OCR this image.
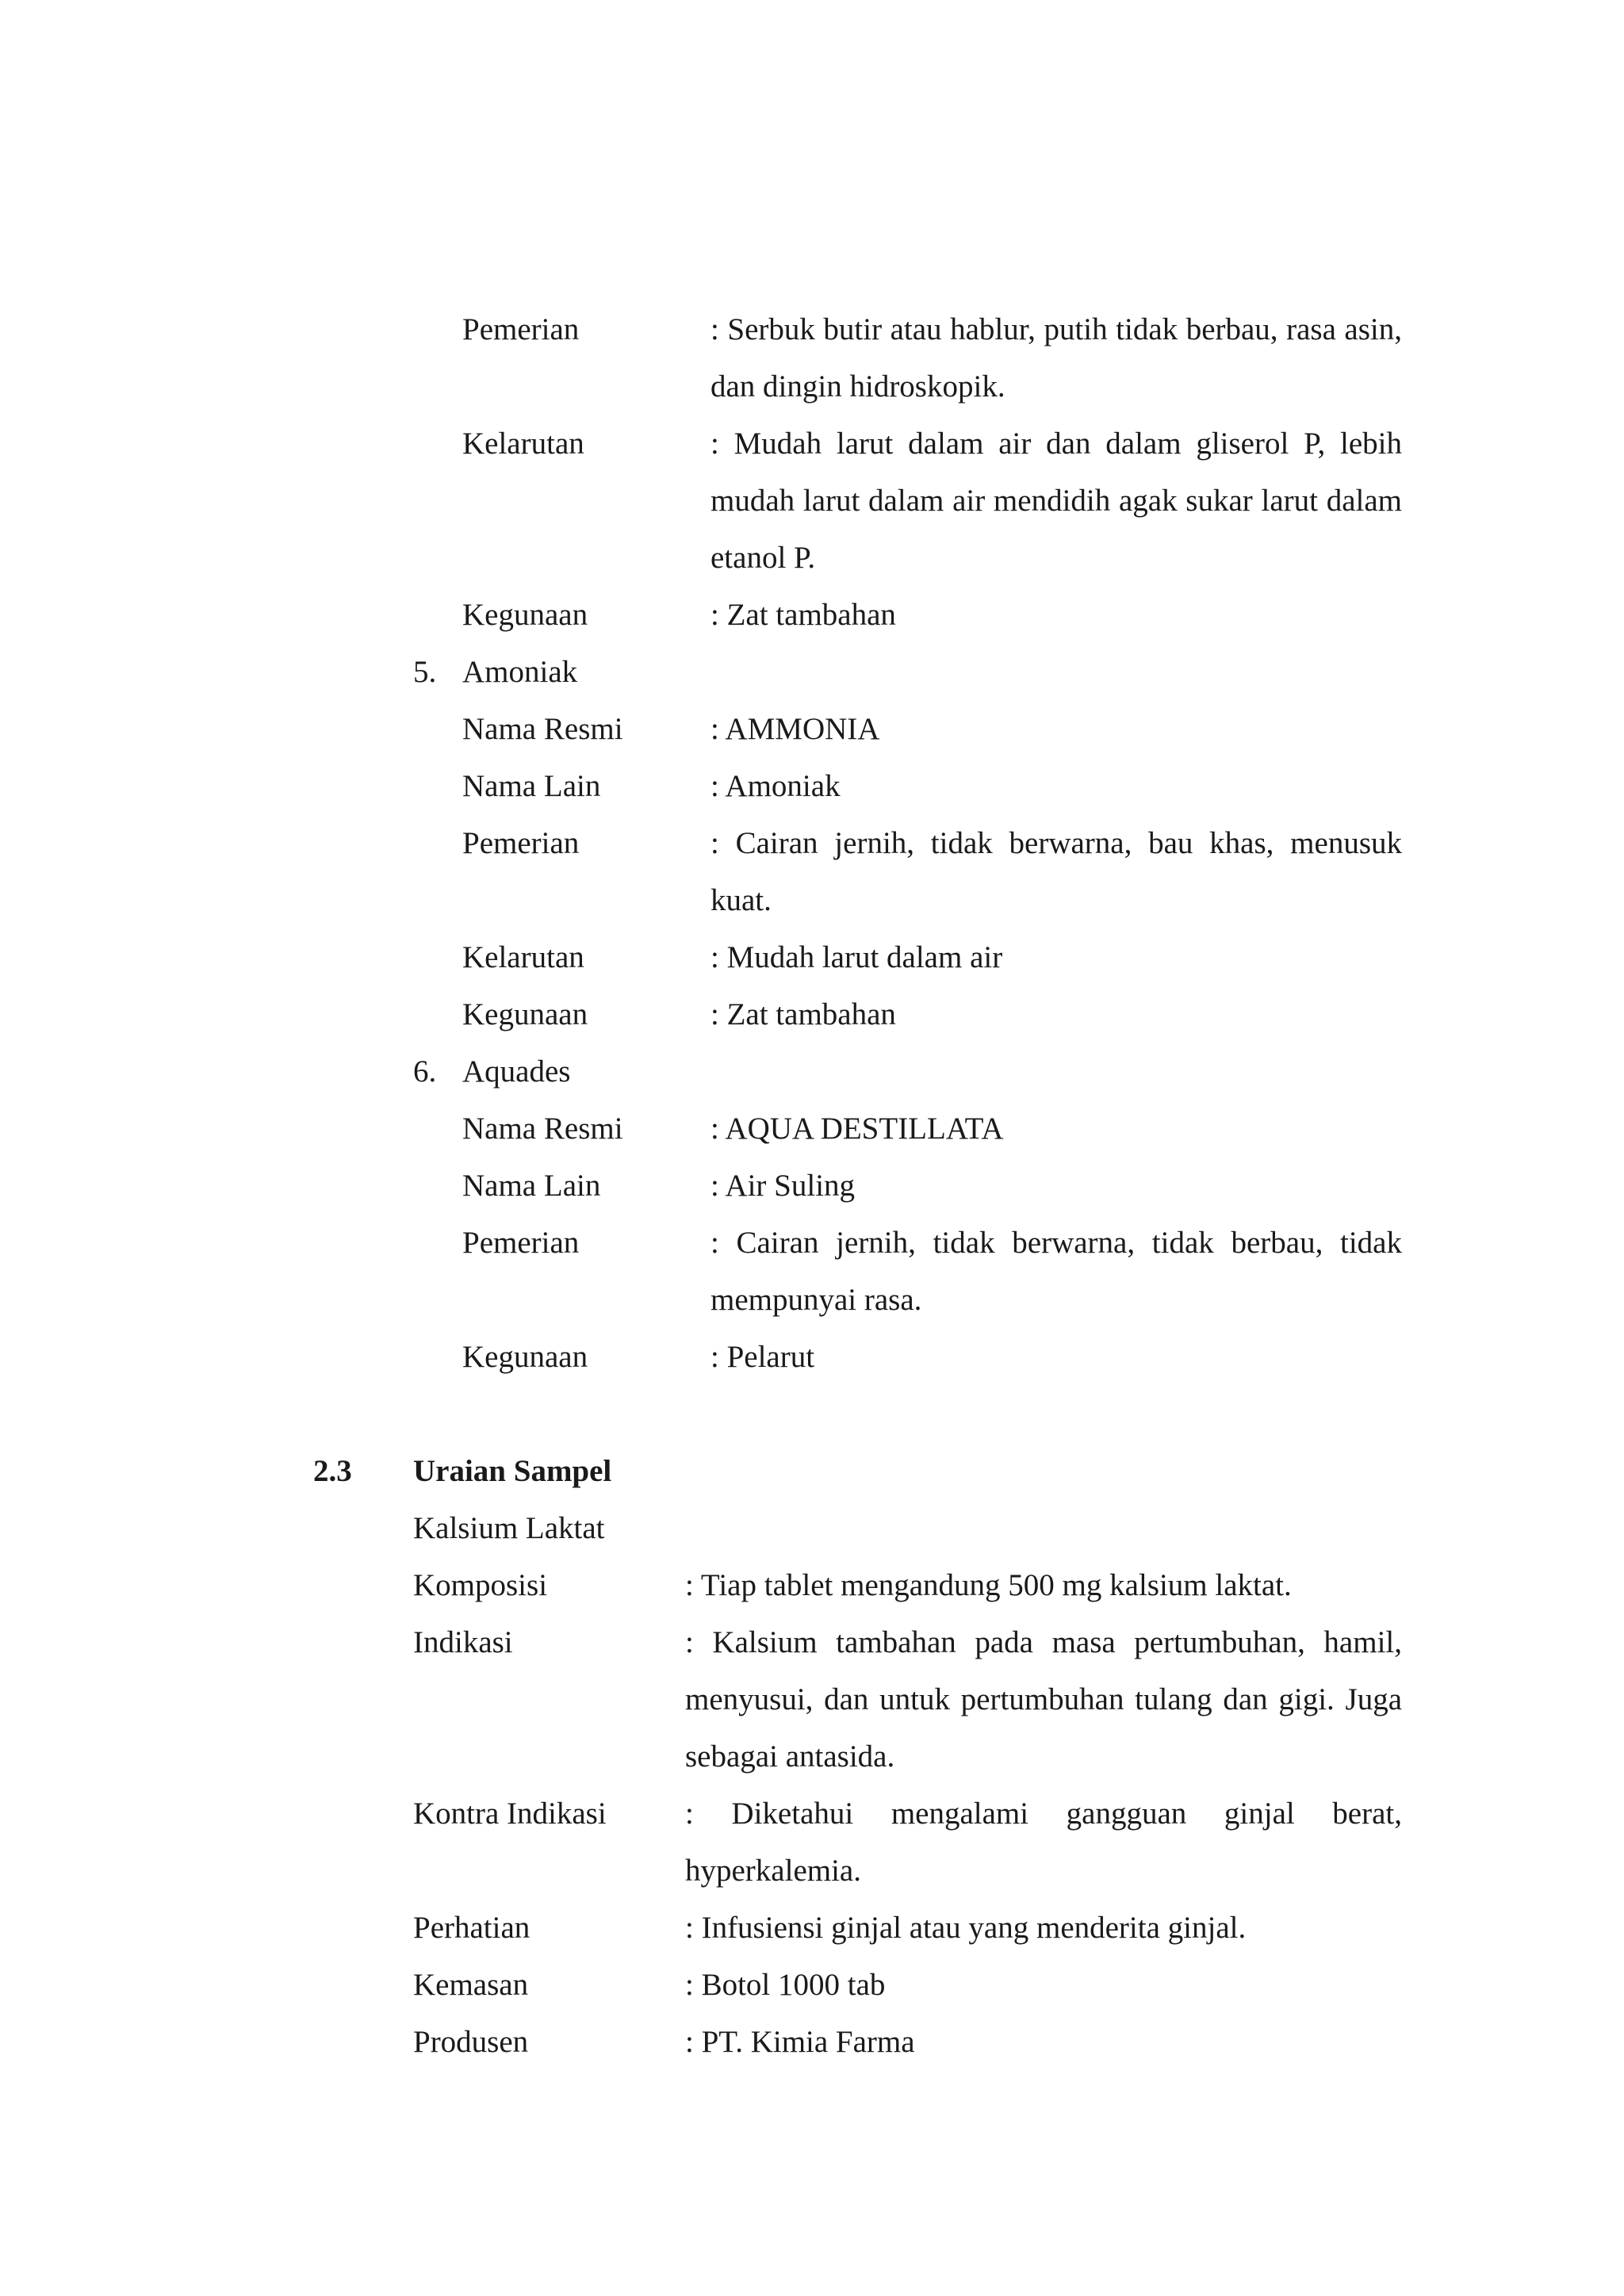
Pemerian	: Serbuk butir atau hablur, putih tidak berbau, rasa asin, dan dingin hidroskopik.
Kelarutan	: Mudah larut dalam air dan dalam gliserol P, lebih mudah larut dalam air mendidih agak sukar larut dalam etanol P.
Kegunaan	: Zat tambahan
5. Amoniak
Nama Resmi	: AMMONIA
Nama Lain	: Amoniak
Pemerian	: Cairan jernih, tidak berwarna, bau khas, menusuk kuat.
Kelarutan	: Mudah larut dalam air
Kegunaan	: Zat tambahan
6. Aquades
Nama Resmi	: AQUA DESTILLATA
Nama Lain	: Air Suling
Pemerian	: Cairan jernih, tidak berwarna, tidak berbau, tidak mempunyai rasa.
Kegunaan	: Pelarut
2.3	Uraian Sampel
Kalsium Laktat
Komposisi	: Tiap tablet mengandung 500 mg kalsium laktat.
Indikasi	: Kalsium tambahan pada masa pertumbuhan, hamil, menyusui, dan untuk pertumbuhan tulang dan gigi. Juga sebagai antasida.
Kontra Indikasi	: Diketahui mengalami gangguan ginjal berat, hyperkalemia.
Perhatian	: Infusiensi ginjal atau yang menderita ginjal.
Kemasan	: Botol 1000 tab
Produsen	: PT. Kimia Farma
